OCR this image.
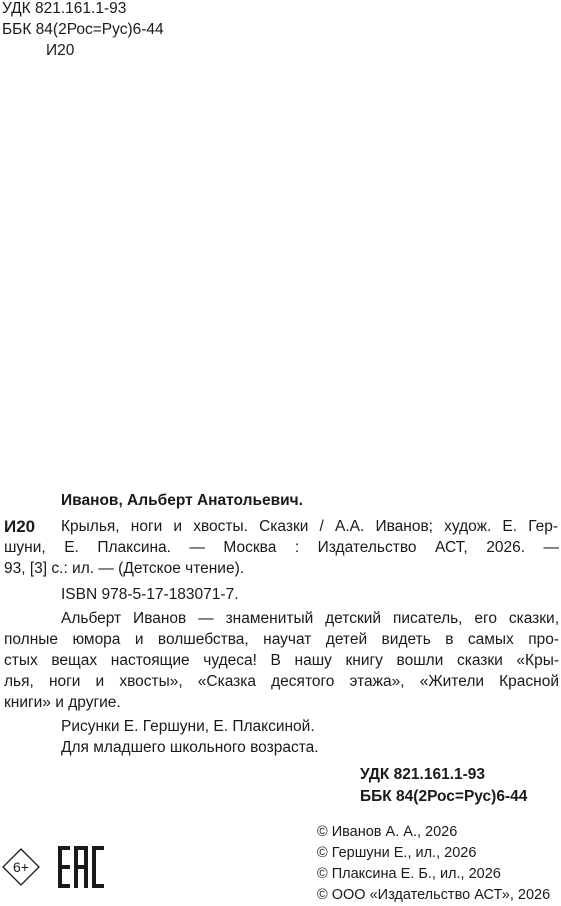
УДК 821.161.1-93
ББК 84(2Рос=Рус)6-44
И20
Иванов, Альберт Анатольевич.
И20 Крылья, ноги и хвосты. Сказки / А.А. Иванов; худож. Е. Гер-
шуни, Е. Плаксина. — Москва : Издательство АСТ, 2026. —
93, [3] с.: ил. — (Детское чтение).
ISBN 978-5-17-183071-7.
Альберт Иванов — знаменитый детский писатель, его сказки,
полные юмора и волшебства, научат детей видеть в самых про-
стых вещах настоящие чудеса! В нашу книгу вошли сказки «Кры-
лья, ноги и хвосты», «Сказка десятого этажа», «Жители Красной
книги» и другие.
Рисунки Е. Гершуни, Е. Плаксиной.
Для младшего школьного возраста.
УДК 821.161.1-93
ББК 84(2Рос=Рус)6-44
6+
© Иванов А. А., 2026
© Гершуни Е., ил., 2026
© Плаксина Е. Б., ил., 2026
© ООО «Издательство АСТ», 2026
